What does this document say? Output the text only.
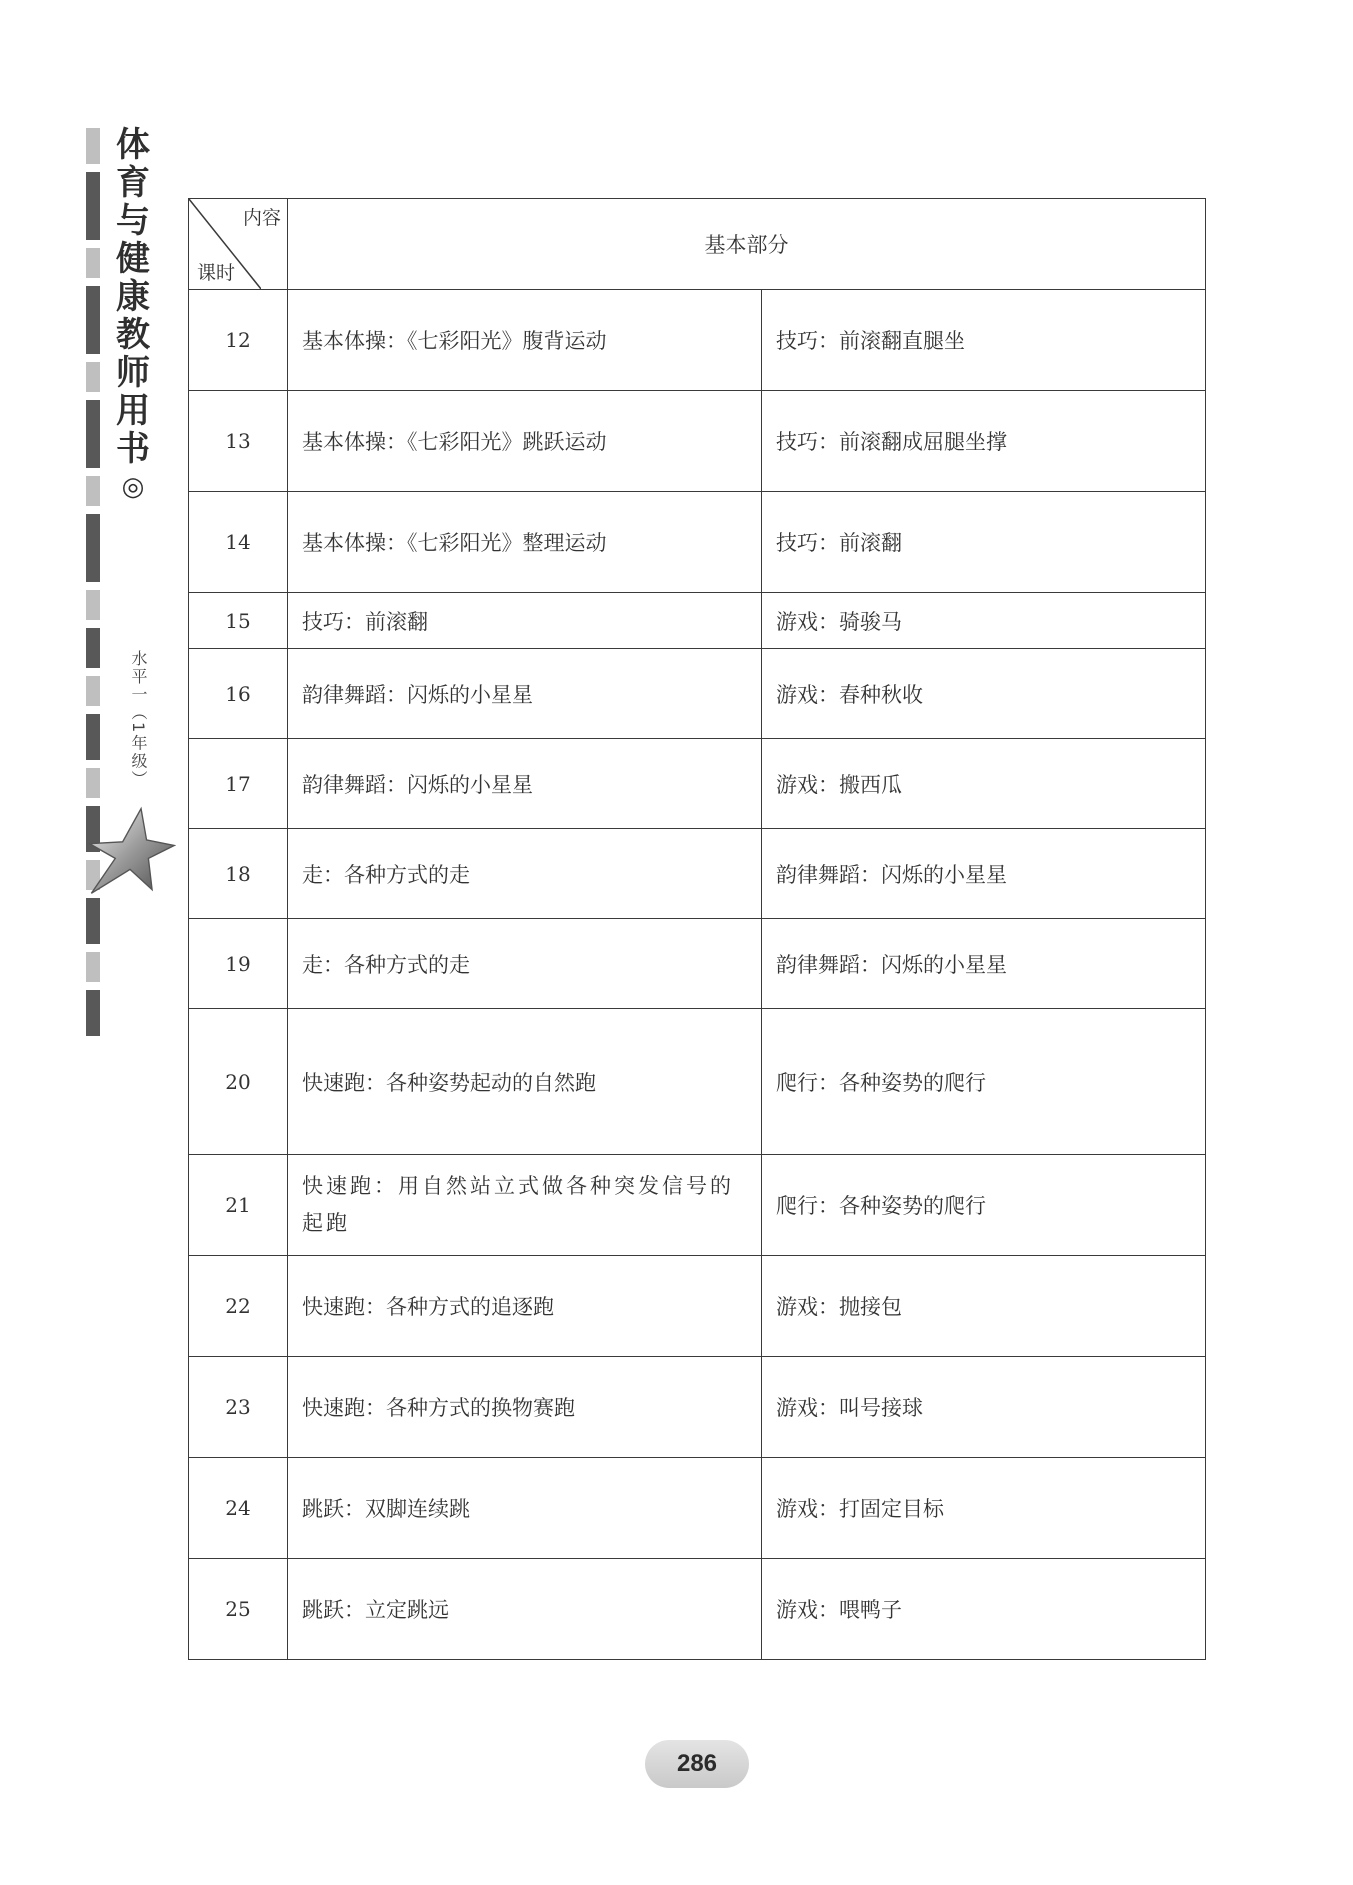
体育与健康教师用书
◎
水平一（1年级）
内容
课时	基本部分	
12	基本体操：《七彩阳光》腹背运动	技巧：前滚翻直腿坐
13	基本体操：《七彩阳光》跳跃运动	技巧：前滚翻成屈腿坐撑
14	基本体操：《七彩阳光》整理运动	技巧：前滚翻
15	技巧：前滚翻	游戏：骑骏马
16	韵律舞蹈：闪烁的小星星	游戏：春种秋收
17	韵律舞蹈：闪烁的小星星	游戏：搬西瓜
18	走：各种方式的走	韵律舞蹈：闪烁的小星星
19	走：各种方式的走	韵律舞蹈：闪烁的小星星
20	快速跑：各种姿势起动的自然跑	爬行：各种姿势的爬行
21	快速跑：用自然站立式做各种突发信号的起跑	爬行：各种姿势的爬行
22	快速跑：各种方式的追逐跑	游戏：抛接包
23	快速跑：各种方式的换物赛跑	游戏：叫号接球
24	跳跃：双脚连续跳	游戏：打固定目标
25	跳跃：立定跳远	游戏：喂鸭子
286
